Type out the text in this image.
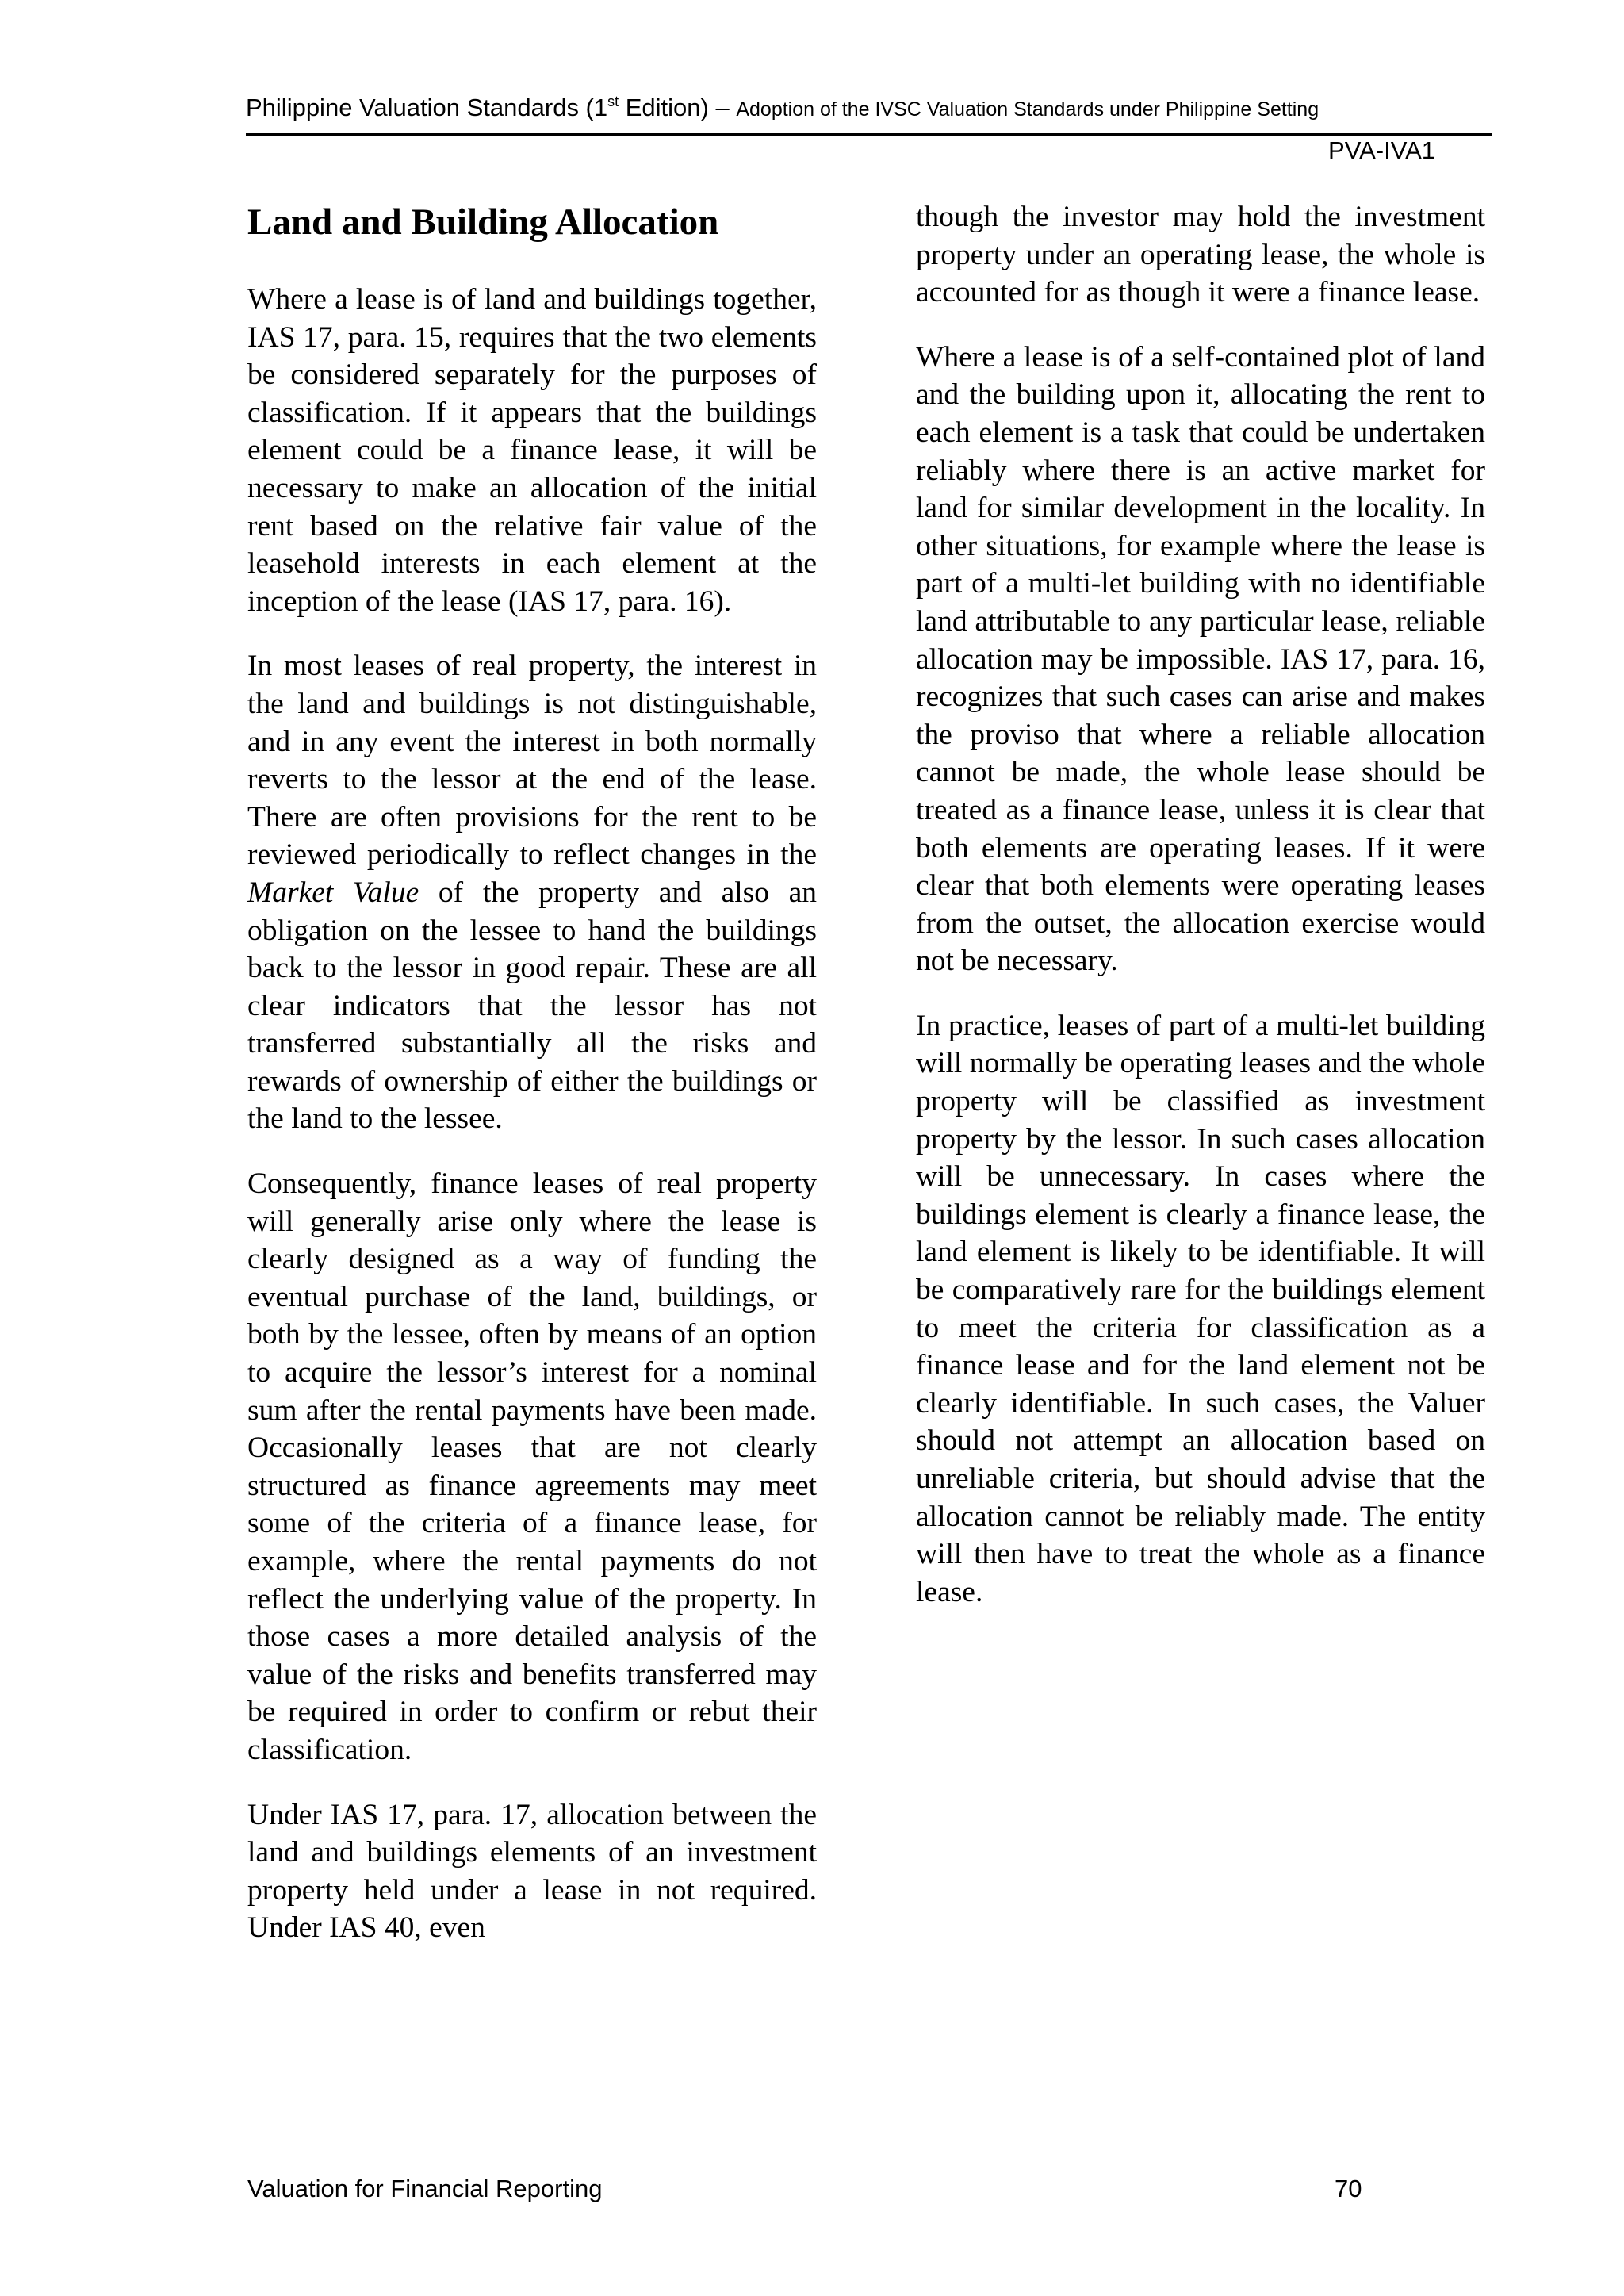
Philippine Valuation Standards (1st Edition) – Adoption of the IVSC Valuation Standards under Philippine Setting
PVA-IVA1
Land and Building Allocation

Where a lease is of land and buildings together, IAS 17, para. 15, requires that the two elements be considered separately for the purposes of classification. If it appears that the buildings element could be a finance lease, it will be necessary to make an allocation of the initial rent based on the relative fair value of the leasehold interests in each element at the inception of the lease (IAS 17, para. 16).

In most leases of real property, the interest in the land and buildings is not distinguishable, and in any event the interest in both normally reverts to the lessor at the end of the lease. There are often provisions for the rent to be reviewed periodically to reflect changes in the Market Value of the property and also an obligation on the lessee to hand the buildings back to the lessor in good repair. These are all clear indicators that the lessor has not transferred substantially all the risks and rewards of ownership of either the buildings or the land to the lessee.

Consequently, finance leases of real property will generally arise only where the lease is clearly designed as a way of funding the eventual purchase of the land, buildings, or both by the lessee, often by means of an option to acquire the lessor’s interest for a nominal sum after the rental payments have been made. Occasionally leases that are not clearly structured as finance agreements may meet some of the criteria of a finance lease, for example, where the rental payments do not reflect the underlying value of the property. In those cases a more detailed analysis of the value of the risks and benefits transferred may be required in order to confirm or rebut their classification.

Under IAS 17, para. 17, allocation between the land and buildings elements of an investment property held under a lease in not required. Under IAS 40, even

though the investor may hold the investment property under an operating lease, the whole is accounted for as though it were a finance lease.

Where a lease is of a self-contained plot of land and the building upon it, allocating the rent to each element is a task that could be undertaken reliably where there is an active market for land for similar development in the locality. In other situations, for example where the lease is part of a multi-let building with no identifiable land attributable to any particular lease, reliable allocation may be impossible. IAS 17, para. 16, recognizes that such cases can arise and makes the proviso that where a reliable allocation cannot be made, the whole lease should be treated as a finance lease, unless it is clear that both elements are operating leases. If it were clear that both elements were operating leases from the outset, the allocation exercise would not be necessary.

In practice, leases of part of a multi-let building will normally be operating leases and the whole property will be classified as investment property by the lessor. In such cases allocation will be unnecessary. In cases where the buildings element is clearly a finance lease, the land element is likely to be identifiable. It will be comparatively rare for the buildings element to meet the criteria for classification as a finance lease and for the land element not be clearly identifiable. In such cases, the Valuer should not attempt an allocation based on unreliable criteria, but should advise that the allocation cannot be reliably made. The entity will then have to treat the whole as a finance lease.

Valuation for Financial Reporting	70
